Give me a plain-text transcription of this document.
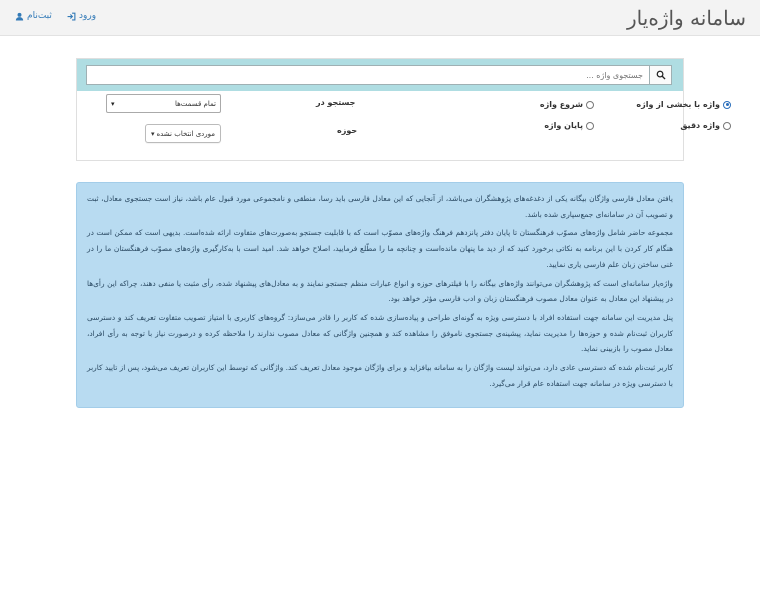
سامانه واژه‌یار
ورود
ثبت‌نام
جستجوی واژه ...
واژه با بخشی از واژه
شروع واژه
واژه دقیق
پایان واژه
جستجو در
حوزه
تمام قسمت‌ها
▾
موردی انتخاب نشده
▾

یافتن معادل فارسی واژگان بیگانه یکی از دغدغه‌های پژوهشگران می‌باشد، از آنجایی که این معادل فارسی باید رسا، منطقی و نامجموعی مورد قبول عام باشد، نیاز است جستجوی معادل، ثبت و تصویب آن در سامانه‌ای جمع‌سپاری شده باشد.

مجموعه حاضر شامل واژه‌های مصوّب فرهنگستان تا پایان دفتر پانزدهم فرهنگ واژه‌های مصوّب است که با قابلیت جستجو به‌صورت‌های متفاوت ارائه شده‌است. بدیهی است که ممکن است در هنگام کار کردن با این برنامه به نکاتی برخورد کنید که از دید ما پنهان مانده‌است و چنانچه ما را مطّلع فرمایید، اصلاح خواهد شد. امید است با به‌کارگیری واژه‌های مصوّب فرهنگستان ما را در غنی ساختن زبان علم فارسی یاری نمایید.

واژه‌یار سامانه‌ای است که پژوهشگران می‌توانند واژه‌های بیگانه را با فیلترهای حوزه و انواع عبارات منظم جستجو نمایند و به معادل‌های پیشنهاد شده، رأی مثبت یا منفی دهند، چراکه این رأی‌ها در پیشنهاد این معادل به عنوان معادل مصوب فرهنگستان زبان و ادب فارسی مؤثر خواهد بود.

پنل مدیریت این سامانه جهت استفاده افراد با دسترسی ویژه به گونه‌ای طراحی و پیاده‌سازی شده که کاربر را قادر می‌سازد: گروه‌های کاربری با امتیاز تصویب متفاوت تعریف کند و دسترسی کاربران ثبت‌نام شده و حوزه‌ها را مدیریت نماید، پیشینه‌ی جستجوی ناموفق را مشاهده کند و همچنین واژگانی که معادل مصوب ندارند را ملاحظه کرده و درصورت نیاز با توجه به رأی افراد، معادل مصوب را بازبینی نماید.

کاربر ثبت‌نام شده که دسترسی عادی دارد، می‌تواند لیست واژگان را به سامانه بیافزاید و برای واژگان موجود معادل تعریف کند. واژگانی که توسط این کاربران تعریف می‌شود، پس از تایید کاربر با دسترسی ویژه در سامانه جهت استفاده عام قرار می‌گیرد.
